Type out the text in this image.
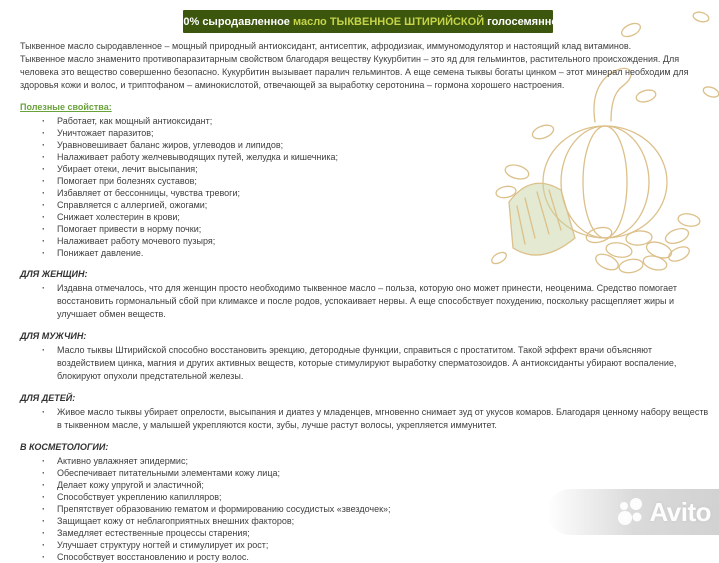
100% сыродавленное масло ТЫКВЕННОЕ ШТИРИЙСКОЙ голосемянной

Тыквенное масло сыродавленное – мощный природный антиоксидант, антисептик, афродизиак, иммуномодулятор и настоящий клад витаминов.

Тыквенное масло знаменито противопаразитарным свойством благодаря веществу Кукурбитин – это яд для гельминтов, растительного происхождения. Для человека это вещество совершенно безопасно. Кукурбитин вызывает паралич гельминтов. А еще семена тыквы богаты цинком – этот минерал необходим для здоровья кожи и волос, и триптофаном – аминокислотой, отвечающей за выработку серотонина – гормона хорошего настроения.

Полезные свойства:

· Работает, как мощный антиоксидант;
· Уничтожает паразитов;
· Уравновешивает баланс жиров, углеводов и липидов;
· Налаживает работу желчевыводящих путей, желудка и кишечника;
· Убирает отеки, лечит высыпания;
· Помогает при болезнях суставов;
· Избавляет от бессонницы, чувства тревоги;
· Справляется с аллергией, ожогами;
· Снижает холестерин в крови;
· Помогает привести в норму почки;
· Налаживает работу мочевого пузыря;
· Понижает давление.

ДЛЯ ЖЕНЩИН:

· Издавна отмечалось, что для женщин просто необходимо тыквенное масло – польза, которую оно может принести, неоценима. Средство помогает восстановить гормональный сбой при климаксе и после родов, успокаивает нервы. А еще способствует похудению, поскольку расщепляет жиры и улучшает обмен веществ.

ДЛЯ МУЖЧИН:

· Масло тыквы Штирийской способно восстановить эрекцию, детородные функции, справиться с простатитом. Такой эффект врачи объясняют воздействием цинка, магния и других активных веществ, которые стимулируют выработку сперматозоидов. А антиоксиданты убирают воспаление, блокируют опухоли предстательной железы.

ДЛЯ ДЕТЕЙ:

· Живое масло тыквы убирает опрелости, высыпания и диатез у младенцев, мгновенно снимает зуд от укусов комаров. Благодаря ценному набору веществ в тыквенном масле, у малышей укрепляются кости, зубы, лучше растут волосы, укрепляется иммунитет.

В КОСМЕТОЛОГИИ:

· Активно увлажняет эпидермис;
· Обеспечивает питательными элементами кожу лица;
· Делает кожу упругой и эластичной;
· Способствует укреплению капилляров;
· Препятствует образованию гематом и формированию сосудистых «звездочек»;
· Защищает кожу от неблагоприятных внешних факторов;
· Замедляет естественные процессы старения;
· Улучшает структуру ногтей и стимулирует их рост;
· Способствует восстановлению и росту волос.
Avito
